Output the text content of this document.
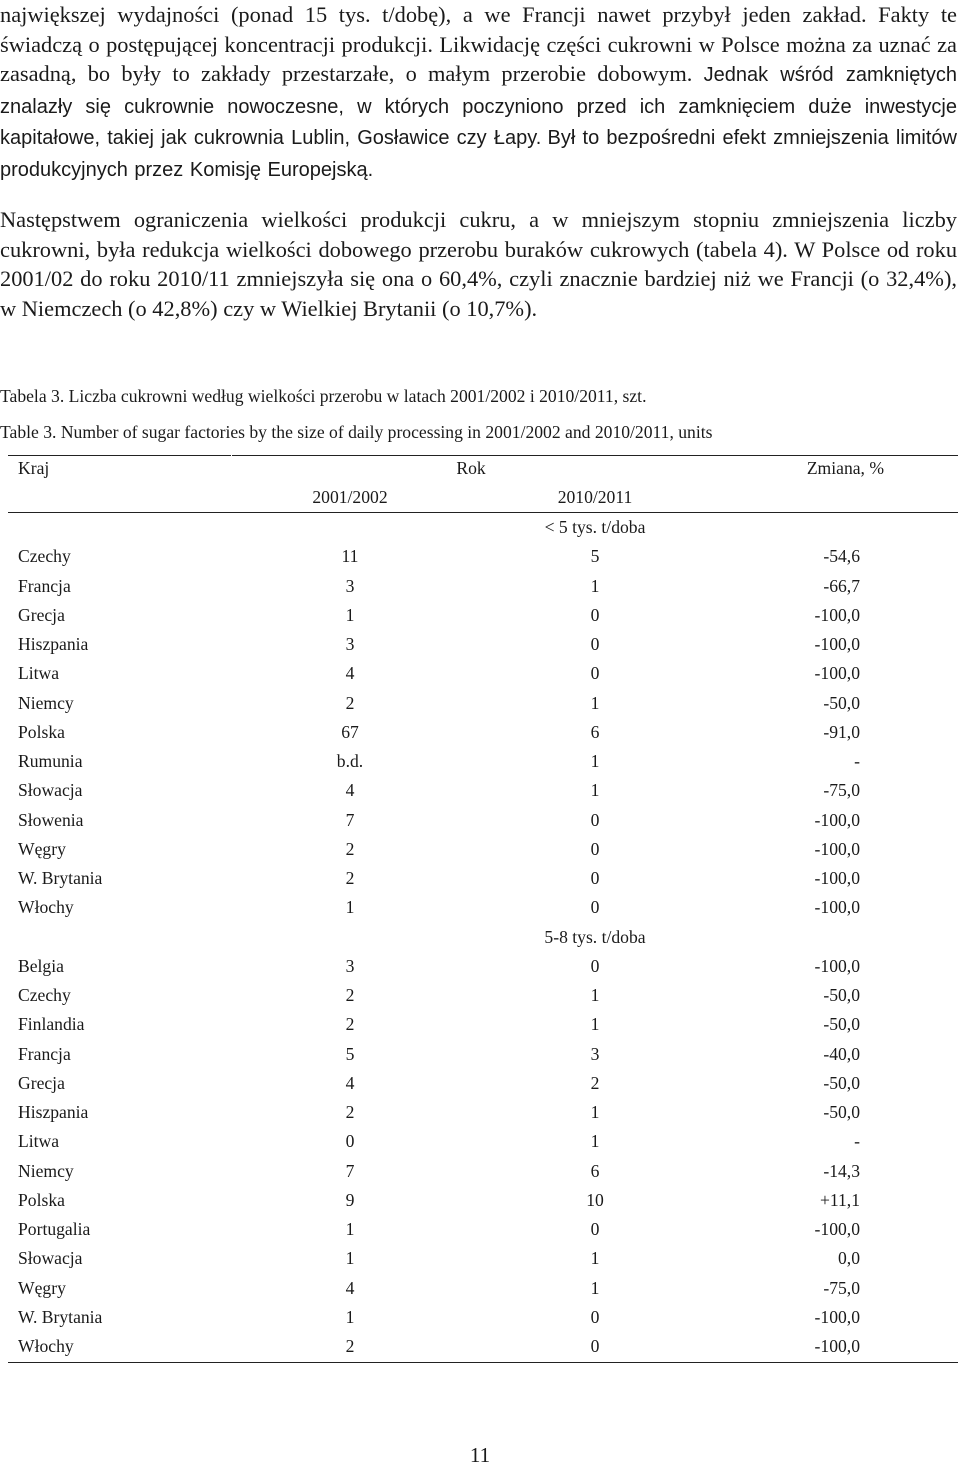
największej wydajności (ponad 15 tys. t/dobę), a we Francji nawet przybył jeden zakład. Fakty te świadczą o postępującej koncentracji produkcji. Likwidację części cukrowni w Polsce można za uznać za zasadną, bo były to zakłady przestarzałe, o małym przerobie dobowym. Jednak wśród zamkniętych znalazły się cukrownie nowoczesne, w których poczyniono przed ich zamknięciem duże inwestycje kapitałowe, takiej jak cukrownia Lublin, Gosławice czy Łapy. Był to bezpośredni efekt zmniejszenia limitów produkcyjnych przez Komisję Europejską.

Następstwem ograniczenia wielkości produkcji cukru, a w mniejszym stopniu zmniejszenia liczby cukrowni, była redukcja wielkości dobowego przerobu buraków cukrowych (tabela 4). W Polsce od roku 2001/02 do roku 2010/11 zmniejszyła się ona o 60,4%, czyli znacznie bardziej niż we Francji (o 32,4%), w Niemczech (o 42,8%) czy w Wielkiej Brytanii (o 10,7%).

Tabela 3. Liczba cukrowni według wielkości przerobu w latach 2001/2002 i 2010/2011, szt.

Table 3. Number of sugar factories by the size of daily processing in 2001/2002 and 2010/2011, units

Kraj	Rok	Zmiana, %
2001/2002	2010/2011
< 5 tys. t/doba
Czechy	11	5	-54,6
Francja	3	1	-66,7
Grecja	1	0	-100,0
Hiszpania	3	0	-100,0
Litwa	4	0	-100,0
Niemcy	2	1	-50,0
Polska	67	6	-91,0
Rumunia	b.d.	1	-
Słowacja	4	1	-75,0
Słowenia	7	0	-100,0
Węgry	2	0	-100,0
W. Brytania	2	0	-100,0
Włochy	1	0	-100,0
5-8 tys. t/doba
Belgia	3	0	-100,0
Czechy	2	1	-50,0
Finlandia	2	1	-50,0
Francja	5	3	-40,0
Grecja	4	2	-50,0
Hiszpania	2	1	-50,0
Litwa	0	1	-
Niemcy	7	6	-14,3
Polska	9	10	+11,1
Portugalia	1	0	-100,0
Słowacja	1	1	0,0
Węgry	4	1	-75,0
W. Brytania	1	0	-100,0
Włochy	2	0	-100,0
11
